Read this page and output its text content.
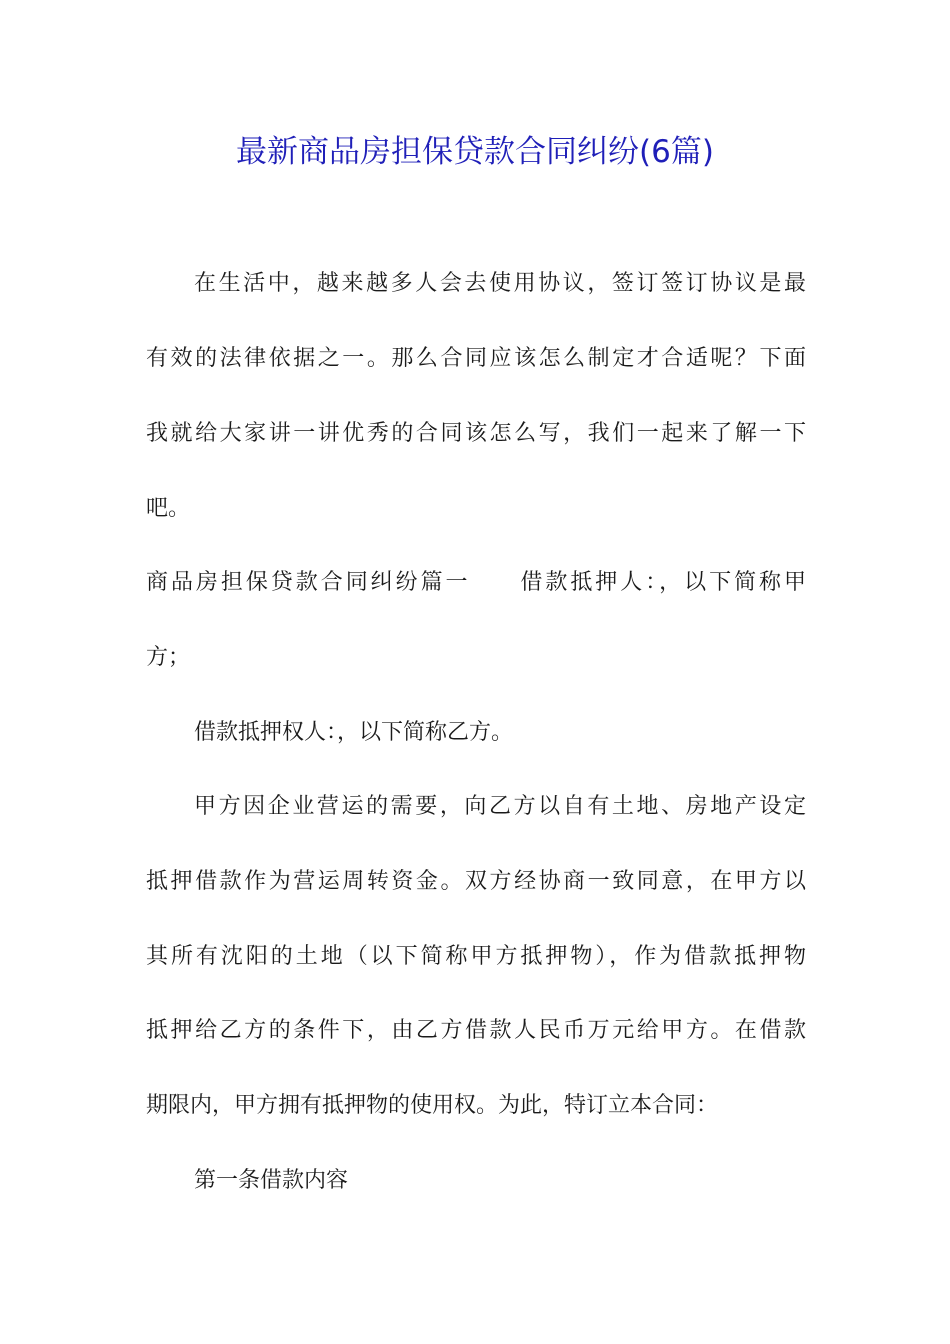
最新商品房担保贷款合同纠纷(6篇)
在生活中，越来越多人会去使用协议，签订签订协议是最
有效的法律依据之一。那么合同应该怎么制定才合适呢？下面
我就给大家讲一讲优秀的合同该怎么写，我们一起来了解一下
吧。
商品房担保贷款合同纠纷篇一　　借款抵押人：，以下简称甲
方；
借款抵押权人：，以下简称乙方。
甲方因企业营运的需要，向乙方以自有土地、房地产设定
抵押借款作为营运周转资金。双方经协商一致同意，在甲方以
其所有沈阳的土地（以下简称甲方抵押物），作为借款抵押物
抵押给乙方的条件下，由乙方借款人民币万元给甲方。在借款
期限内，甲方拥有抵押物的使用权。为此，特订立本合同：
第一条借款内容
